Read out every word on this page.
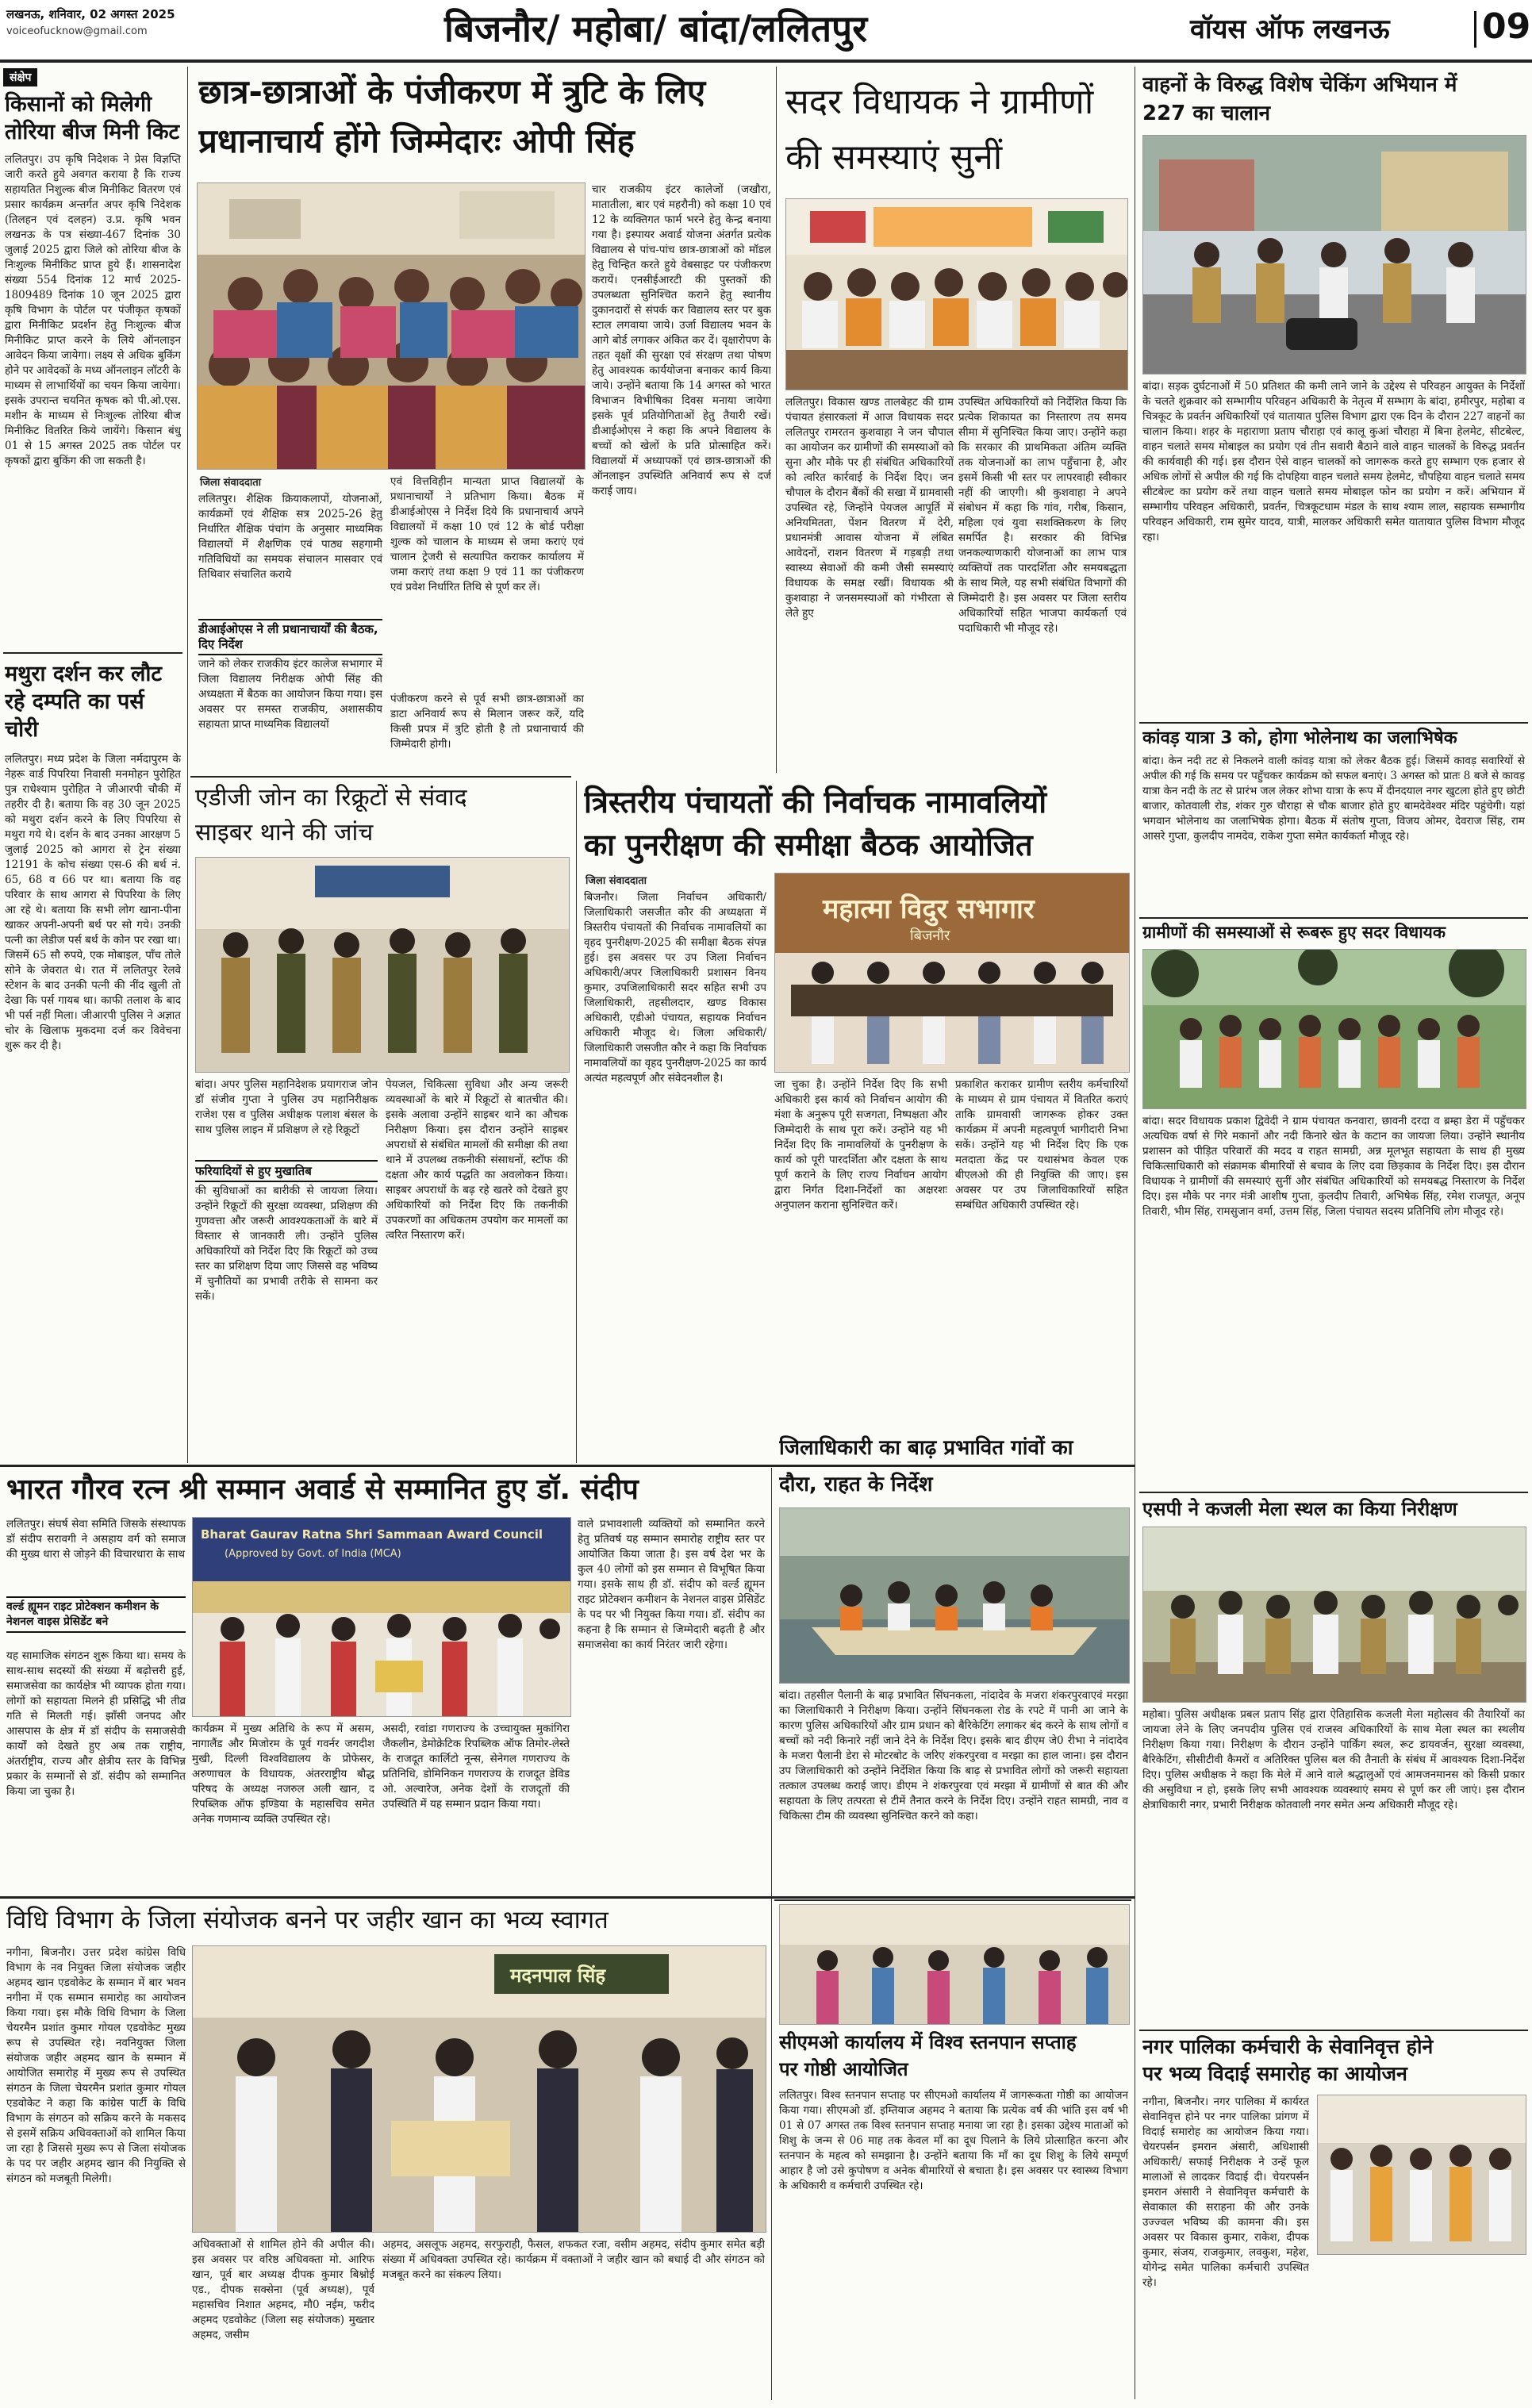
लखनऊ, शनिवार, 02 अगस्त 2025
voiceofucknow@gmail.com	बिजनौर/ महोबा/ बांदा/ललितपुर	वॉयस ऑफ लखनऊ	09
संक्षेप
किसानों को मिलेगी तोरिया बीज मिनी किट
ललितपुर। उप कृषि निदेशक ने प्रेस विज्ञप्ति जारी करते हुये अवगत कराया है कि राज्य सहायतित निशुल्क बीज मिनीकिट वितरण एवं प्रसार कार्यक्रम अन्तर्गत अपर कृषि निदेशक (तिलहन एवं दलहन) उ.प्र. कृषि भवन लखनऊ के पत्र संख्या-467 दिनांक 30 जुलाई 2025 द्वारा जिले को तोरिया बीज के निःशुल्क मिनीकिट प्राप्त हुये हैं। शासनादेश संख्या 554 दिनांक 12 मार्च 2025-1809489 दिनांक 10 जून 2025 द्वारा कृषि विभाग के पोर्टल पर पंजीकृत कृषकों द्वारा मिनीकिट प्रदर्शन हेतु निःशुल्क बीज मिनीकिट प्राप्त करने के लिये ऑनलाइन आवेदन किया जायेगा। लक्ष्य से अधिक बुकिंग होने पर आवेदकों के मध्य ऑनलाइन लॉटरी के माध्यम से लाभार्थियों का चयन किया जायेगा। इसके उपरान्त चयनित कृषक को पी.ओ.एस. मशीन के माध्यम से निःशुल्क तोरिया बीज मिनीकिट वितरित किये जायेंगे। किसान बंधु 01 से 15 अगस्त 2025 तक पोर्टल पर कृषकों द्वारा बुकिंग की जा सकती है।
मथुरा दर्शन कर लौट रहे दम्पति का पर्स चोरी
ललितपुर। मध्य प्रदेश के जिला नर्मदापुरम के नेहरू वार्ड पिपरिया निवासी मनमोहन पुरोहित पुत्र राधेश्याम पुरोहित ने जीआरपी चौकी में तहरीर दी है। बताया कि वह 30 जून 2025 को मथुरा दर्शन करने के लिए पिपरिया से मथुरा गये थे। दर्शन के बाद उनका आरक्षण 5 जुलाई 2025 को आगरा से ट्रेन संख्या 12191 के कोच संख्या एस-6 की बर्थ नं. 65, 68 व 66 पर था। बताया कि वह परिवार के साथ आगरा से पिपरिया के लिए आ रहे थे। बताया कि सभी लोग खाना-पीना खाकर अपनी-अपनी बर्थ पर सो गये। उनकी पत्नी का लेडीज पर्स बर्थ के कोन पर रखा था। जिसमें 65 सौ रुपये, एक मोबाइल, पाँच तोले सोने के जेवरात थे। रात में ललितपुर रेलवे स्टेशन के बाद उनकी पत्नी की नींद खुली तो देखा कि पर्स गायब था। काफी तलाश के बाद भी पर्स नहीं मिला। जीआरपी पुलिस ने अज्ञात चोर के खिलाफ मुकदमा दर्ज कर विवेचना शुरू कर दी है।
छात्र-छात्राओं के पंजीकरण में त्रुटि के लिए
प्रधानाचार्य होंगे जिम्मेदारः ओपी सिंह
चार राजकीय इंटर कालेजों (जखौरा, मातातीला, बार एवं महरौनी) को कक्षा 10 एवं 12 के व्यक्तिगत फार्म भरने हेतु केन्द्र बनाया गया है। इस्पायर अवार्ड योजना अंतर्गत प्रत्येक विद्यालय से पांच-पांच छात्र-छात्राओं को मॉडल हेतु चिन्हित करते हुये वेबसाइट पर पंजीकरण करायें। एनसीईआरटी की पुस्तकों की उपलब्धता सुनिश्चित कराने हेतु स्थानीय दुकानदारों से संपर्क कर विद्यालय स्तर पर बुक स्टाल लगवाया जाये। उर्जा विद्यालय भवन के आगे बोर्ड लगाकर अंकित कर दें। वृक्षारोपण के तहत वृक्षों की सुरक्षा एवं संरक्षण तथा पोषण हेतु आवश्यक कार्ययोजना बनाकर कार्य किया जाये। उन्होंने बताया कि 14 अगस्त को भारत विभाजन विभीषिका दिवस मनाया जायेगा इसके पूर्व प्रतियोगिताओं हेतु तैयारी रखें। डीआईओएस ने कहा कि अपने विद्यालय के बच्चों को खेलों के प्रति प्रोत्साहित करें। विद्यालयों में अध्यापकों एवं छात्र-छात्राओं की ऑनलाइन उपस्थिति अनिवार्य रूप से दर्ज कराई जाय।
जिला संवाददाता
ललितपुर। शैक्षिक क्रियाकलापों, योजनाओं, कार्यक्रमों एवं शैक्षिक सत्र 2025-26 हेतु निर्धारित शैक्षिक पंचांग के अनुसार माध्यमिक विद्यालयों में शैक्षणिक एवं पाठ्य सहगामी गतिविधियों का समयक संचालन मासवार एवं तिथिवार संचालित कराये
एवं वित्तविहीन मान्यता प्राप्त विद्यालयों के प्रधानाचार्यों ने प्रतिभाग किया। बैठक में डीआईओएस ने निर्देश दिये कि प्रधानाचार्य अपने विद्यालयों में कक्षा 10 एवं 12 के बोर्ड परीक्षा शुल्क को चालान के माध्यम से जमा कराएं एवं चालान ट्रेजरी से सत्यापित कराकर कार्यालय में जमा कराएं तथा कक्षा 9 एवं 11 का पंजीकरण एवं प्रवेश निर्धारित तिथि से पूर्ण कर लें।
डीआईओएस ने ली प्रधानाचार्यों की बैठक, दिए निर्देश
जाने को लेकर राजकीय इंटर कालेज सभागार में जिला विद्यालय निरीक्षक ओपी सिंह की अध्यक्षता में बैठक का आयोजन किया गया। इस अवसर पर समस्त राजकीय, अशासकीय सहायता प्राप्त माध्यमिक विद्यालयों
पंजीकरण करने से पूर्व सभी छात्र-छात्राओं का डाटा अनिवार्य रूप से मिलान जरूर करें, यदि किसी प्रपत्र में त्रुटि होती है तो प्रधानाचार्य की जिम्मेदारी होगी।
सदर विधायक ने ग्रामीणों
की समस्याएं सुनीं
ललितपुर। विकास खण्ड तालबेहट की ग्राम पंचायत हंसारकलां में आज विधायक सदर ललितपुर रामरतन कुशवाहा ने जन चौपाल का आयोजन कर ग्रामीणों की समस्याओं को सुना और मौके पर ही संबंधित अधिकारियों को त्वरित कार्रवाई के निर्देश दिए। जन चौपाल के दौरान बैंकों की सखा में ग्रामवासी उपस्थित रहे, जिन्होंने पेयजल आपूर्ति में अनियमितता, पेंशन वितरण में देरी, प्रधानमंत्री आवास योजना में लंबित आवेदनों, राशन वितरण में गड़बड़ी तथा स्वास्थ्य सेवाओं की कमी जैसी समस्याएं विधायक के समक्ष रखीं। विधायक श्री कुशवाहा ने जनसमस्याओं को गंभीरता से लेते हुए
उपस्थित अधिकारियों को निर्देशित किया कि प्रत्येक शिकायत का निस्तारण तय समय सीमा में सुनिश्चित किया जाए। उन्होंने कहा कि सरकार की प्राथमिकता अंतिम व्यक्ति तक योजनाओं का लाभ पहुँचाना है, और इसमें किसी भी स्तर पर लापरवाही स्वीकार नहीं की जाएगी। श्री कुशवाहा ने अपने संबोधन में कहा कि गांव, गरीब, किसान, महिला एवं युवा सशक्तिकरण के लिए समर्पित है। सरकार की विभिन्न जनकल्याणकारी योजनाओं का लाभ पात्र व्यक्तियों तक पारदर्शिता और समयबद्धता के साथ मिले, यह सभी संबंधित विभागों की जिम्मेदारी है। इस अवसर पर जिला स्तरीय अधिकारियों सहित भाजपा कार्यकर्ता एवं पदाधिकारी भी मौजूद रहे।
वाहनों के विरुद्ध विशेष चेकिंग अभियान में
227 का चालान
बांदा। सड़क दुर्घटनाओं में 50 प्रतिशत की कमी लाने जाने के उद्देश्य से परिवहन आयुक्त के निर्देशों के चलते शुक्रवार को सम्भागीय परिवहन अधिकारी के नेतृत्व में सम्भाग के बांदा, हमीरपुर, महोबा व चित्रकूट के प्रवर्तन अधिकारियों एवं यातायात पुलिस विभाग द्वारा एक दिन के दौरान 227 वाहनों का चालान किया। शहर के महाराणा प्रताप चौराहा एवं कालू कुआं चौराहा में बिना हेलमेट, सीटबेल्ट, वाहन चलाते समय मोबाइल का प्रयोग एवं तीन सवारी बैठाने वाले वाहन चालकों के विरुद्ध प्रवर्तन की कार्यवाही की गई। इस दौरान ऐसे वाहन चालकों को जागरूक करते हुए सम्भाग एक हजार से अधिक लोगों से अपील की गई कि दोपहिया वाहन चलाते समय हेलमेट, चौपहिया वाहन चलाते समय सीटबेल्ट का प्रयोग करें तथा वाहन चलाते समय मोबाइल फोन का प्रयोग न करें। अभियान में सम्भागीय परिवहन अधिकारी, प्रवर्तन, चित्रकूटधाम मंडल के साथ श्याम लाल, सहायक सम्भागीय परिवहन अधिकारी, राम सुमेर यादव, यात्री, मालकर अधिकारी समेत यातायात पुलिस विभाग मौजूद रहा।
कांवड़ यात्रा 3 को, होगा भोलेनाथ का जलाभिषेक
बांदा। केन नदी तट से निकलने वाली कांवड़ यात्रा को लेकर बैठक हुई। जिसमें कावड़ सवारियों से अपील की गई कि समय पर पहुँचकर कार्यक्रम को सफल बनाएं। 3 अगस्त को प्रातः 8 बजे से कावड़ यात्रा केन नदी के तट से प्रारंभ जल लेकर शोभा यात्रा के रूप में दीनदयाल नगर खुटला होते हुए छोटी बाजार, कोतवाली रोड, शंकर गुरु चौराहा से चौक बाजार होते हुए बामदेवेश्वर मंदिर पहुंचेगी। यहां भगवान भोलेनाथ का जलाभिषेक होगा। बैठक में संतोष गुप्ता, विजय ओमर, देवराज सिंह, राम आसरे गुप्ता, कुलदीप नामदेव, राकेश गुप्ता समेत कार्यकर्ता मौजूद रहे।
ग्रामीणों की समस्याओं से रूबरू हुए सदर विधायक
बांदा। सदर विधायक प्रकाश द्विवेदी ने ग्राम पंचायत कनवारा, छावनी दरदा व ब्रम्हा डेरा में पहुँचकर अत्यधिक वर्षा से गिरे मकानों और नदी किनारे खेत के कटान का जायजा लिया। उन्होंने स्थानीय प्रशासन को पीड़ित परिवारों की मदद व राहत सामग्री, अन्न मूलभूत सहायता के साथ ही मुख्य चिकित्साधिकारी को संक्रामक बीमारियों से बचाव के लिए दवा छिड़काव के निर्देश दिए। इस दौरान विधायक ने ग्रामीणों की समस्याएं सुनीं और संबंधित अधिकारियों को समयबद्ध निस्तारण के निर्देश दिए। इस मौके पर नगर मंत्री आशीष गुप्ता, कुलदीप तिवारी, अभिषेक सिंह, रमेश राजपूत, अनूप तिवारी, भीम सिंह, रामसुजान वर्मा, उत्तम सिंह, जिला पंचायत सदस्य प्रतिनिधि लोग मौजूद रहे।
एसपी ने कजली मेला स्थल का किया निरीक्षण
महोबा। पुलिस अधीक्षक प्रबल प्रताप सिंह द्वारा ऐतिहासिक कजली मेला महोत्सव की तैयारियों का जायजा लेने के लिए जनपदीय पुलिस एवं राजस्व अधिकारियों के साथ मेला स्थल का स्थलीय निरीक्षण किया गया। निरीक्षण के दौरान उन्होंने पार्किंग स्थल, रूट डायवर्जन, सुरक्षा व्यवस्था, बैरिकेटिंग, सीसीटीवी कैमरों व अतिरिक्त पुलिस बल की तैनाती के संबंध में आवश्यक दिशा-निर्देश दिए। पुलिस अधीक्षक ने कहा कि मेले में आने वाले श्रद्धालुओं एवं आमजनमानस को किसी प्रकार की असुविधा न हो, इसके लिए सभी आवश्यक व्यवस्थाएं समय से पूर्ण कर ली जाएं। इस दौरान क्षेत्राधिकारी नगर, प्रभारी निरीक्षक कोतवाली नगर समेत अन्य अधिकारी मौजूद रहे।
नगर पालिका कर्मचारी के सेवानिवृत्त होने
पर भव्य विदाई समारोह का आयोजन
नगीना, बिजनौर। नगर पालिका में कार्यरत सेवानिवृत्त होने पर नगर पालिका प्रांगण में विदाई समारोह का आयोजन किया गया। चेयरपर्सन इमरान अंसारी, अधिशासी अधिकारी/ सफाई निरीक्षक ने उन्हें फूल मालाओं से लादकर विदाई दी। चेयरपर्सन इमरान अंसारी ने सेवानिवृत्त कर्मचारी के सेवाकाल की सराहना की और उनके उज्ज्वल भविष्य की कामना की। इस अवसर पर विकास कुमार, राकेश, दीपक कुमार, संजय, राजकुमार, लवकुश, महेश, योगेन्द्र समेत पालिका कर्मचारी उपस्थित रहे।
एडीजी जोन का रिक्रूटों से संवाद
साइबर थाने की जांच
बांदा। अपर पुलिस महानिदेशक प्रयागराज जोन डॉ संजीव गुप्ता ने पुलिस उप महानिरीक्षक राजेश एस व पुलिस अधीक्षक पलाश बंसल के साथ पुलिस लाइन में प्रशिक्षण ले रहे रिक्रूटों
फरियादियों से हुए मुखातिब
की सुविधाओं का बारीकी से जायजा लिया। उन्होंने रिक्रूटों की सुरक्षा व्यवस्था, प्रशिक्षण की गुणवत्ता और जरूरी आवश्यकताओं के बारे में विस्तार से जानकारी ली। उन्होंने पुलिस अधिकारियों को निर्देश दिए कि रिक्रूटों को उच्च स्तर का प्रशिक्षण दिया जाए जिससे वह भविष्य में चुनौतियों का प्रभावी तरीके से सामना कर सकें।
पेयजल, चिकित्सा सुविधा और अन्य जरूरी व्यवस्थाओं के बारे में रिक्रूटों से बातचीत की। इसके अलावा उन्होंने साइबर थाने का औचक निरीक्षण किया। इस दौरान उन्होंने साइबर अपराधों से संबंधित मामलों की समीक्षा की तथा थाने में उपलब्ध तकनीकी संसाधनों, स्टॉफ की दक्षता और कार्य पद्धति का अवलोकन किया। साइबर अपराधों के बढ़ रहे खतरे को देखते हुए अधिकारियों को निर्देश दिए कि तकनीकी उपकरणों का अधिकतम उपयोग कर मामलों का त्वरित निस्तारण करें।
त्रिस्तरीय पंचायतों की निर्वाचक नामावलियों
का पुनरीक्षण की समीक्षा बैठक आयोजित
जिला संवाददाता
बिजनौर। जिला निर्वाचन अधिकारी/जिलाधिकारी जसजीत कौर की अध्यक्षता में त्रिस्तरीय पंचायतों की निर्वाचक नामावलियों का वृहद पुनरीक्षण-2025 की समीक्षा बैठक संपन्न हुई। इस अवसर पर उप जिला निर्वाचन अधिकारी/अपर जिलाधिकारी प्रशासन विनय कुमार, उपजिलाधिकारी सदर सहित सभी उप जिलाधिकारी, तहसीलदार, खण्ड विकास अधिकारी, एडीओ पंचायत, सहायक निर्वाचन अधिकारी मौजूद थे। जिला अधिकारी/जिलाधिकारी जसजीत कौर ने कहा कि निर्वाचक नामावलियों का वृहद पुनरीक्षण-2025 का कार्य अत्यंत महत्वपूर्ण और संवेदनशील है।
महात्मा विदुर सभागार
बिजनौर
जा चुका है। उन्होंने निर्देश दिए कि सभी अधिकारी इस कार्य को निर्वाचन आयोग की मंशा के अनुरूप पूरी सजगता, निष्पक्षता और जिम्मेदारी के साथ पूरा करें। उन्होंने यह भी निर्देश दिए कि नामावलियों के पुनरीक्षण के कार्य को पूरी पारदर्शिता और दक्षता के साथ पूर्ण कराने के लिए राज्य निर्वाचन आयोग द्वारा निर्गत दिशा-निर्देशों का अक्षरशः अनुपालन कराना सुनिश्चित करें।
प्रकाशित कराकर ग्रामीण स्तरीय कर्मचारियों के माध्यम से ग्राम पंचायत में वितरित कराएं ताकि ग्रामवासी जागरूक होकर उक्त कार्यक्रम में अपनी महत्वपूर्ण भागीदारी निभा सकें। उन्होंने यह भी निर्देश दिए कि एक मतदाता केंद्र पर यथासंभव केवल एक बीएलओ की ही नियुक्ति की जाए। इस अवसर पर उप जिलाधिकारियों सहित सम्बंधित अधिकारी उपस्थित रहे।
भारत गौरव रत्न श्री सम्मान अवार्ड से सम्मानित हुए डॉ. संदीप
ललितपुर। संघर्ष सेवा समिति जिसके संस्थापक डॉ संदीप सरावगी ने असहाय वर्ग को समाज की मुख्य धारा से जोड़ने की विचारधारा के साथ
वर्ल्ड ह्यूमन राइट प्रोटेक्शन कमीशन के नेशनल वाइस प्रेसिडेंट बने
यह सामाजिक संगठन शुरू किया था। समय के साथ-साथ सदस्यों की संख्या में बढ़ोत्तरी हुई, समाजसेवा का कार्यक्षेत्र भी व्यापक होता गया। लोगों को सहायता मिलने ही प्रसिद्धि भी तीव्र गति से मिलती गई। झाँसी जनपद और आसपास के क्षेत्र में डॉ संदीप के समाजसेवी कार्यों को देखते हुए अब तक राष्ट्रीय, अंतर्राष्ट्रीय, राज्य और क्षेत्रीय स्तर के विभिन्न प्रकार के सम्मानों से डॉ. संदीप को सम्मानित किया जा चुका है।
Bharat Gaurav Ratna Shri Sammaan Award Council
(Approved by Govt. of India (MCA)
कार्यक्रम में मुख्य अतिथि के रूप में असम, नागालैंड और मिजोरम के पूर्व गवर्नर जगदीश मुखी, दिल्ली विश्वविद्यालय के प्रोफेसर, अरुणाचल के विधायक, अंतरराष्ट्रीय बौद्ध परिषद के अध्यक्ष नजरुल अली खान, द रिपब्लिक ऑफ इण्डिया के महासचिव समेत अनेक गणमान्य व्यक्ति उपस्थित रहे।
असदी, रवांडा गणराज्य के उच्चायुक्त मुकांगिरा जैकलीन, डेमोक्रेटिक रिपब्लिक ऑफ तिमोर-लेस्ते के राजदूत कार्लिटो नून्स, सेनेगल गणराज्य के प्रतिनिधि, डोमिनिकन गणराज्य के राजदूत डेविड ओ. अल्वारेज, अनेक देशों के राजदूतों की उपस्थिति में यह सम्मान प्रदान किया गया।
वाले प्रभावशाली व्यक्तियों को सम्मानित करने हेतु प्रतिवर्ष यह सम्मान समारोह राष्ट्रीय स्तर पर आयोजित किया जाता है। इस वर्ष देश भर के कुल 40 लोगों को इस सम्मान से विभूषित किया गया। इसके साथ ही डॉ. संदीप को वर्ल्ड ह्यूमन राइट प्रोटेक्शन कमीशन के नेशनल वाइस प्रेसिडेंट के पद पर भी नियुक्त किया गया। डॉ. संदीप का कहना है कि सम्मान से जिम्मेदारी बढ़ती है और समाजसेवा का कार्य निरंतर जारी रहेगा।
जिलाधिकारी का बाढ़ प्रभावित गांवों का
दौरा, राहत के निर्देश
बांदा। तहसील पैलानी के बाढ़ प्रभावित सिंघनकला, नांदादेव के मजरा शंकरपुरवाएवं मरझा का जिलाधिकारी ने निरीक्षण किया। उन्होंने सिंघनकला रोड के रपटे में पानी आ जाने के कारण पुलिस अधिकारियों और ग्राम प्रधान को बैरिकेटिंग लगाकर बंद करने के साथ लोगों व बच्चों को नदी किनारे नहीं जाने देने के निर्देश दिए। इसके बाद डीएम जे0 रीभा ने नांदादेव के मजरा पैलानी डेरा से मोटरबोट के जरिए शंकरपुरवा व मरझा का हाल जाना। इस दौरान उप जिलाधिकारी को उन्होंने निर्देशित किया कि बाढ़ से प्रभावित लोगों को जरूरी सहायता तत्काल उपलब्ध कराई जाए। डीएम ने शंकरपुरवा एवं मरझा में ग्रामीणों से बात की और सहायता के लिए तत्परता से टीमें तैनात करने के निर्देश दिए। उन्होंने राहत सामग्री, नाव व चिकित्सा टीम की व्यवस्था सुनिश्चित करने को कहा।
विधि विभाग के जिला संयोजक बनने पर जहीर खान का भव्य स्वागत
नगीना, बिजनौर। उत्तर प्रदेश कांग्रेस विधि विभाग के नव नियुक्त जिला संयोजक जहीर अहमद खान एडवोकेट के सम्मान में बार भवन नगीना में एक सम्मान समारोह का आयोजन किया गया। इस मौके विधि विभाग के जिला चेयरमैन प्रशांत कुमार गोयल एडवोकेट मुख्य रूप से उपस्थित रहे। नवनियुक्त जिला संयोजक जहीर अहमद खान के सम्मान में आयोजित समारोह में मुख्य रूप से उपस्थित संगठन के जिला चेयरमैन प्रशांत कुमार गोयल एडवोकेट ने कहा कि कांग्रेस पार्टी के विधि विभाग के संगठन को सक्रिय करने के मकसद से इसमें सक्रिय अधिवक्ताओं को शामिल किया जा रहा है जिससे मुख्य रूप से जिला संयोजक के पद पर जहीर अहमद खान की नियुक्ति से संगठन को मजबूती मिलेगी।
मदनपाल सिंह
अधिवक्ताओं से शामिल होने की अपील की। इस अवसर पर वरिष्ठ अधिवक्ता मो. आरिफ खान, पूर्व बार अध्यक्ष दीपक कुमार बिश्नोई एड., दीपक सक्सेना (पूर्व अध्यक्ष), पूर्व महासचिव निशात अहमद, मौ0 नईम, फरीद अहमद एडवोकेट (जिला सह संयोजक) मुख्तार अहमद, जसीम
अहमद, असलूफ अहमद, सरफुराही, फैसल, शफकत रजा, वसीम अहमद, संदीप कुमार समेत बड़ी संख्या में अधिवक्ता उपस्थित रहे। कार्यक्रम में वक्ताओं ने जहीर खान को बधाई दी और संगठन को मजबूत करने का संकल्प लिया।
सीएमओ कार्यालय में विश्व स्तनपान सप्ताह
पर गोष्ठी आयोजित
ललितपुर। विश्व स्तनपान सप्ताह पर सीएमओ कार्यालय में जागरूकता गोष्ठी का आयोजन किया गया। सीएमओ डॉ. इम्तियाज अहमद ने बताया कि प्रत्येक वर्ष की भांति इस वर्ष भी 01 से 07 अगस्त तक विश्व स्तनपान सप्ताह मनाया जा रहा है। इसका उद्देश्य माताओं को शिशु के जन्म से 06 माह तक केवल माँ का दूध पिलाने के लिये प्रोत्साहित करना और स्तनपान के महत्व को समझाना है। उन्होंने बताया कि माँ का दूध शिशु के लिये सम्पूर्ण आहार है जो उसे कुपोषण व अनेक बीमारियों से बचाता है। इस अवसर पर स्वास्थ्य विभाग के अधिकारी व कर्मचारी उपस्थित रहे।
